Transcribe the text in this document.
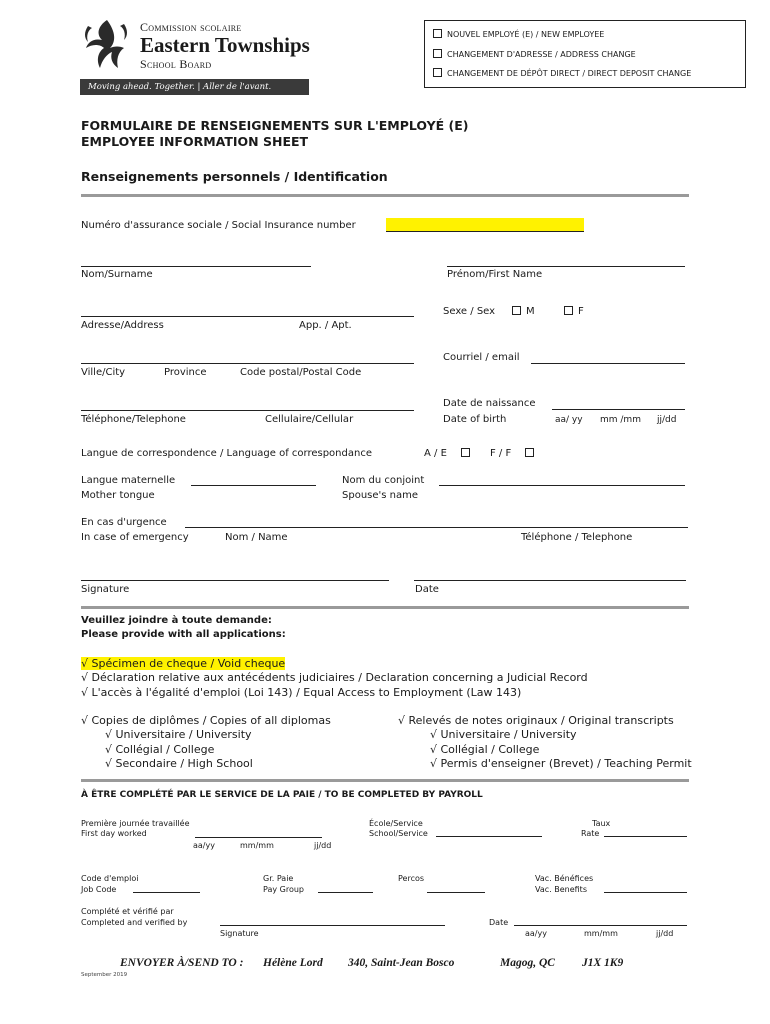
Commission scolaire
Eastern Townships
School Board
Moving ahead. Together. | Aller de l'avant. Ensemble.
NOUVEL EMPLOYÉ (E) / NEW EMPLOYEE
CHANGEMENT D'ADRESSE / ADDRESS CHANGE
CHANGEMENT DE DÉPÔT DIRECT / DIRECT DEPOSIT CHANGE
FORMULAIRE DE RENSEIGNEMENTS SUR L'EMPLOYÉ (E)
EMPLOYEE INFORMATION SHEET
Renseignements personnels / Identification
Numéro d'assurance sociale / Social Insurance number
Nom/Surname	Prénom/First Name
Adresse/Address	App. / Apt.
Sexe / Sex	M	F
Ville/City	Province	Code postal/Postal Code
Courriel / email
Téléphone/Telephone	Cellulaire/Cellular
Date de naissance
Date of birth	aa/ yy mm /mm jj/dd
Langue de correspondence / Language of correspondance	A / E	F / F
Langue maternelle
Mother tongue
Nom du conjoint
Spouse's name
En cas d'urgence
In case of emergency	Nom / Name	Téléphone / Telephone
Signature	Date
Veuillez joindre à toute demande:
Please provide with all applications:
√ Spécimen de cheque / Void cheque
√ Déclaration relative aux antécédents judiciaires / Declaration concerning a Judicial Record
√ L'accès à l'égalité d'emploi (Loi 143) / Equal Access to Employment (Law 143)
√ Copies de diplômes / Copies of all diplomas
√ Universitaire / University
√ Collégial / College
√ Secondaire / High School
√ Relevés de notes originaux / Original transcripts
√ Universitaire / University
√ Collégial / College
√ Permis d'enseigner (Brevet) / Teaching Permit
À ÊTRE COMPLÉTÉ PAR LE SERVICE DE LA PAIE / TO BE COMPLETED BY PAYROLL
Première journée travaillée
First day worked
aa/yy	mm/mm	jj/dd
École/Service
School/Service
Taux
Rate
Code d'emploi
Job Code
Gr. Paie
Pay Group
Percos	Vac. Bénéfices
Vac. Benefits
Complété et vérifié par
Completed and verified by
Signature
Date
aa/yy	mm/mm	jj/dd
ENVOYER À/SEND TO : Hélène Lord 340, Saint-Jean Bosco	Magog, QC J1X 1K9
September 2019
